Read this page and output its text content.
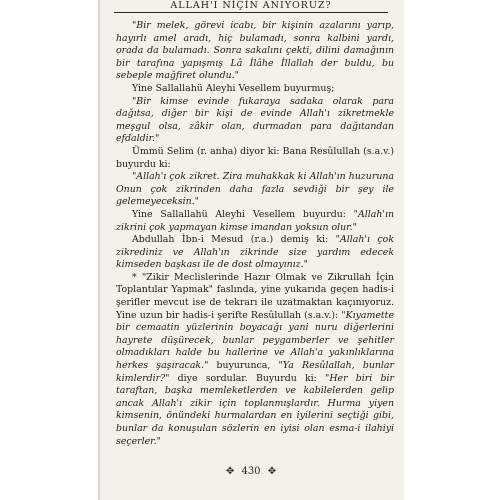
ALLAH'I NİÇİN ANIYORUZ?

"Bir melek, görevi icabı, bir kişinin azalarını yarıp, hayırlı amel aradı, hiç bulamadı, sonra kalbini yardı, orada da bulamadı. Sonra sakalını çekti, dilini damağının bir tarafına yapışmış Lâ İlâhe İllallah der buldu, bu sebeple mağfiret olundu."

Yine Sallallahü Aleyhi Vesellem buyurmuş;

"Bir kimse evinde fukaraya sadaka olarak para dağıtsa, diğer bir kişi de evinde Allah'ı zikretmekle meşgul olsa, zâkir olan, durmadan para dağıtandan efdaldir."

Ümmü Selim (r. anha) diyor ki: Bana Resûlullah (s.a.v.) buyurdu ki:

"Allah'ı çok zikret. Zira muhakkak ki Allah'ın huzuruna Onun çok zikrinden daha fazla sevdiği bir şey ile gelemeyeceksin."

Yine Sallallahü Aleyhi Vesellem buyurdu: "Allah'ın zikrini çok yapmayan kimse imandan yoksun olur."

Abdullah İbn-i Mesud (r.a.) demiş ki: "Allah'ı çok zikrediniz ve Allah'ın zikrinde size yardım edecek kimseden başkası ile de dost olmayınız."

* "Zikir Meclislerinde Hazır Olmak ve Zikrullah İçin Toplantılar Yapmak" faslında, yine yukarıda geçen hadis-i şerifler mevcut ise de tekrarı ile uzatmaktan kaçınıyoruz. Yine uzun bir hadis-i şerifte Resûlullah (s.a.v.): "Kıyamette bir cemaatin yüzlerinin boyacağı yani nuru diğerlerini hayrete düşürecek, bunlar peygamberler ve şehitler olmadıkları halde bu hallerine ve Allah'a yakınlıklarına herkes şaşıracak." buyurunca, "Ya Resûlallah, bunlar kimlerdir?" diye sordular. Buyurdu ki: "Her biri bir taraftan, başka memleketlerden ve kabilelerden gelip ancak Allah'ı zikir için toplanmışlardır. Hurma yiyen kimsenin, önündeki hurmalardan en iyilerini seçtiği gibi, bunlar da konuşulan sözlerin en iyisi olan esma-i ilahiyi seçerler."

✥ 430 ✥
